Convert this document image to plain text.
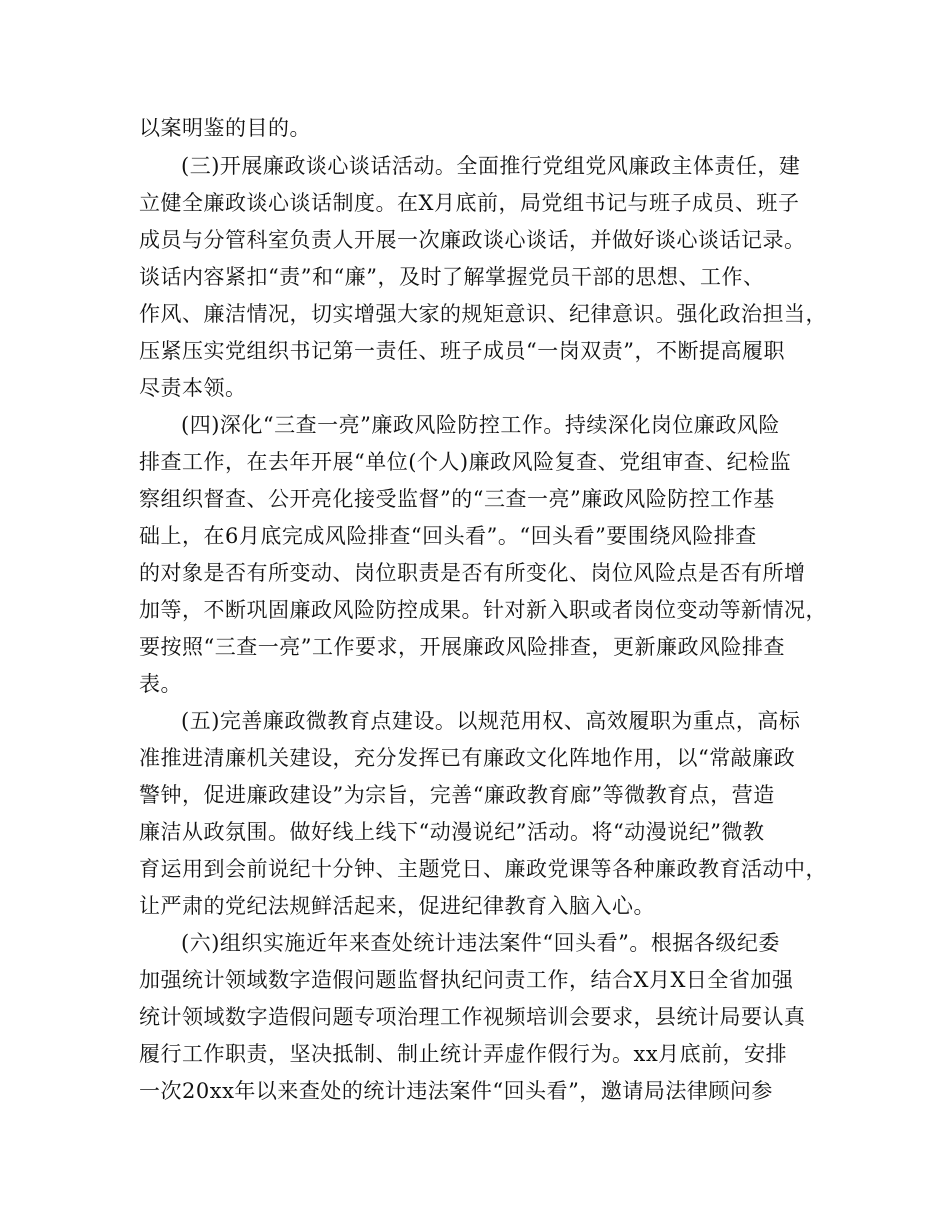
以案明鉴的目的。
(三)开展廉政谈心谈话活动。全面推行党组党风廉政主体责任，建
立健全廉政谈心谈话制度。在X月底前，局党组书记与班子成员、班子
成员与分管科室负责人开展一次廉政谈心谈话，并做好谈心谈话记录。
谈话内容紧扣“责”和“廉”，及时了解掌握党员干部的思想、工作、
作风、廉洁情况，切实增强大家的规矩意识、纪律意识。强化政治担当，
压紧压实党组织书记第一责任、班子成员“一岗双责”，不断提高履职
尽责本领。
(四)深化“三查一亮”廉政风险防控工作。持续深化岗位廉政风险
排查工作，在去年开展“单位(个人)廉政风险复查、党组审查、纪检监
察组织督查、公开亮化接受监督”的“三查一亮”廉政风险防控工作基
础上，在6月底完成风险排查“回头看”。“回头看”要围绕风险排查
的对象是否有所变动、岗位职责是否有所变化、岗位风险点是否有所增
加等，不断巩固廉政风险防控成果。针对新入职或者岗位变动等新情况，
要按照“三查一亮”工作要求，开展廉政风险排查，更新廉政风险排查
表。
(五)完善廉政微教育点建设。以规范用权、高效履职为重点，高标
准推进清廉机关建设，充分发挥已有廉政文化阵地作用，以“常敲廉政
警钟，促进廉政建设”为宗旨，完善“廉政教育廊”等微教育点，营造
廉洁从政氛围。做好线上线下“动漫说纪”活动。将“动漫说纪”微教
育运用到会前说纪十分钟、主题党日、廉政党课等各种廉政教育活动中，
让严肃的党纪法规鲜活起来，促进纪律教育入脑入心。
(六)组织实施近年来查处统计违法案件“回头看”。根据各级纪委
加强统计领域数字造假问题监督执纪问责工作，结合X月X日全省加强
统计领域数字造假问题专项治理工作视频培训会要求，县统计局要认真
履行工作职责，坚决抵制、制止统计弄虚作假行为。xx月底前，安排
一次20xx年以来查处的统计违法案件“回头看”，邀请局法律顾问参
